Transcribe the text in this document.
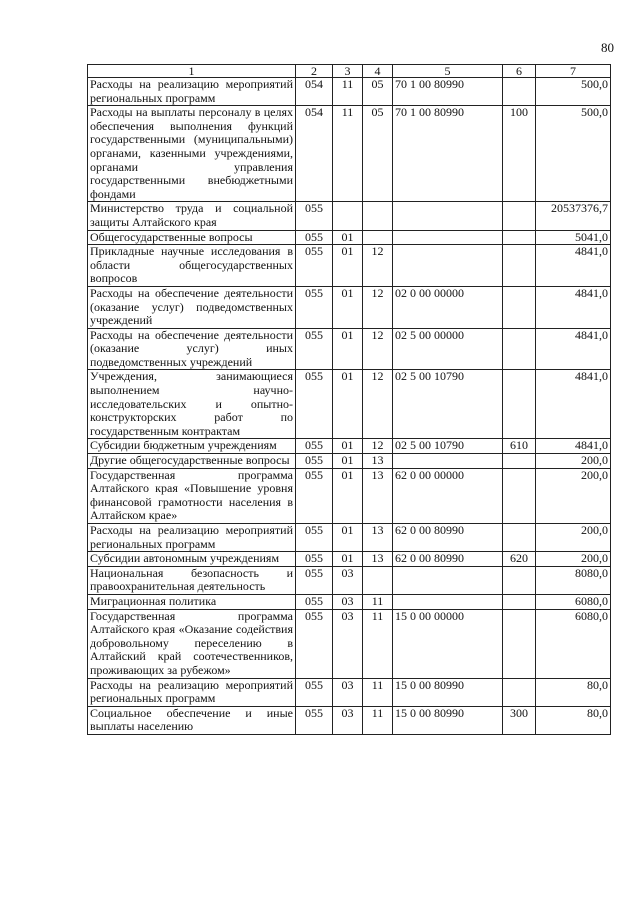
80
1	2	3	4	5	6	7
Расходы на реализацию мероприятий региональных программ	054	11	05	70 1 00 80990		500,0
Расходы на выплаты персоналу в целях обеспечения выполнения функций государственными (муниципальными) органами, казенными учреждениями, органами управления государственными внебюджетными фондами	054	11	05	70 1 00 80990	100	500,0
Министерство труда и социальной защиты Алтайского края	055					20537376,7
Общегосударственные вопросы	055	01				5041,0
Прикладные научные исследования в области общегосударственных вопросов	055	01	12			4841,0
Расходы на обеспечение деятельности (оказание услуг) подведомственных учреждений	055	01	12	02 0 00 00000		4841,0
Расходы на обеспечение деятельности (оказание услуг) иных подведомственных учреждений	055	01	12	02 5 00 00000		4841,0
Учреждения, занимающиеся выполнением научно-исследовательских и опытно-конструкторских работ по государственным контрактам	055	01	12	02 5 00 10790		4841,0
Субсидии бюджетным учреждениям	055	01	12	02 5 00 10790	610	4841,0
Другие общегосударственные вопросы	055	01	13			200,0
Государственная программа Алтайского края «Повышение уровня финансовой грамотности населения в Алтайском крае»	055	01	13	62 0 00 00000		200,0
Расходы на реализацию мероприятий региональных программ	055	01	13	62 0 00 80990		200,0
Субсидии автономным учреждениям	055	01	13	62 0 00 80990	620	200,0
Национальная безопасность и правоохранительная деятельность	055	03				8080,0
Миграционная политика	055	03	11			6080,0
Государственная программа Алтайского края «Оказание содействия добровольному переселению в Алтайский край соотечественников, проживающих за рубежом»	055	03	11	15 0 00 00000		6080,0
Расходы на реализацию мероприятий региональных программ	055	03	11	15 0 00 80990		80,0
Социальное обеспечение и иные выплаты населению	055	03	11	15 0 00 80990	300	80,0
